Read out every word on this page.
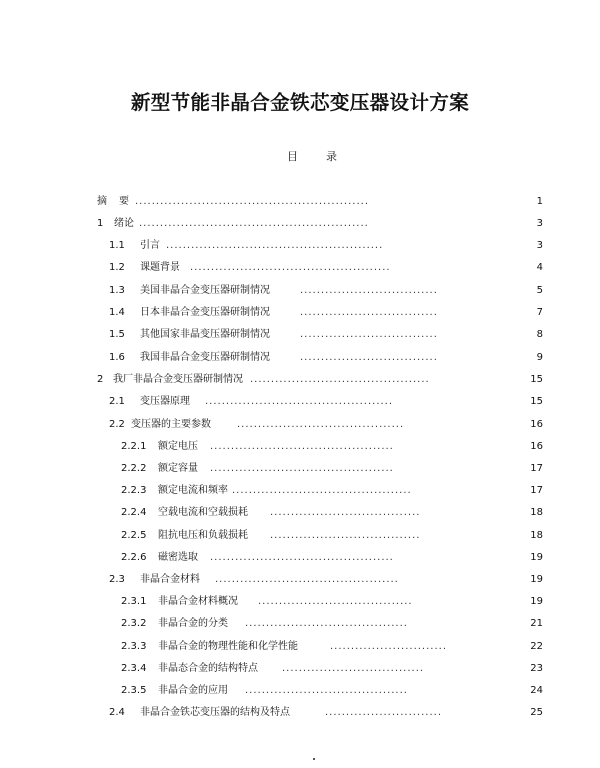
新型节能非晶合金铁芯变压器设计方案
目	录
摘 要 ........................................................	1
1 绪论 .......................................................	3
1.1 引言 ....................................................	3
1.2 课题背景 ................................................	4
1.3 美国非晶合金变压器研制情况	.................................	5
1.4 日本非晶合金变压器研制情况	.................................	7
1.5 其他国家非晶变压器研制情况	.................................	8
1.6 我国非晶合金变压器研制情况	.................................	9
2 我厂非晶合金变压器研制情况 ...........................................	15
2.1 变压器原理 .............................................	15
2.2 变压器的主要参数	........................................	16
2.2.1 额定电压 ............................................	16
2.2.2 额定容量 ............................................	17
2.2.3 额定电流和频率 ...........................................	17
2.2.4 空载电流和空载损耗 ....................................	18
2.2.5 阻抗电压和负载损耗 ....................................	18
2.2.6 磁密选取 ............................................	19
2.3 非晶合金材料 ............................................	19
2.3.1 非晶合金材料概况 .....................................	19
2.3.2 非晶合金的分类 .......................................	21
2.3.3 非晶合金的物理性能和化学性能	............................	22
2.3.4 非晶态合金的结构特点 ..................................	23
2.3.5 非晶合金的应用 .......................................	24
2.4 非晶合金铁芯变压器的结构及特点	............................	25
